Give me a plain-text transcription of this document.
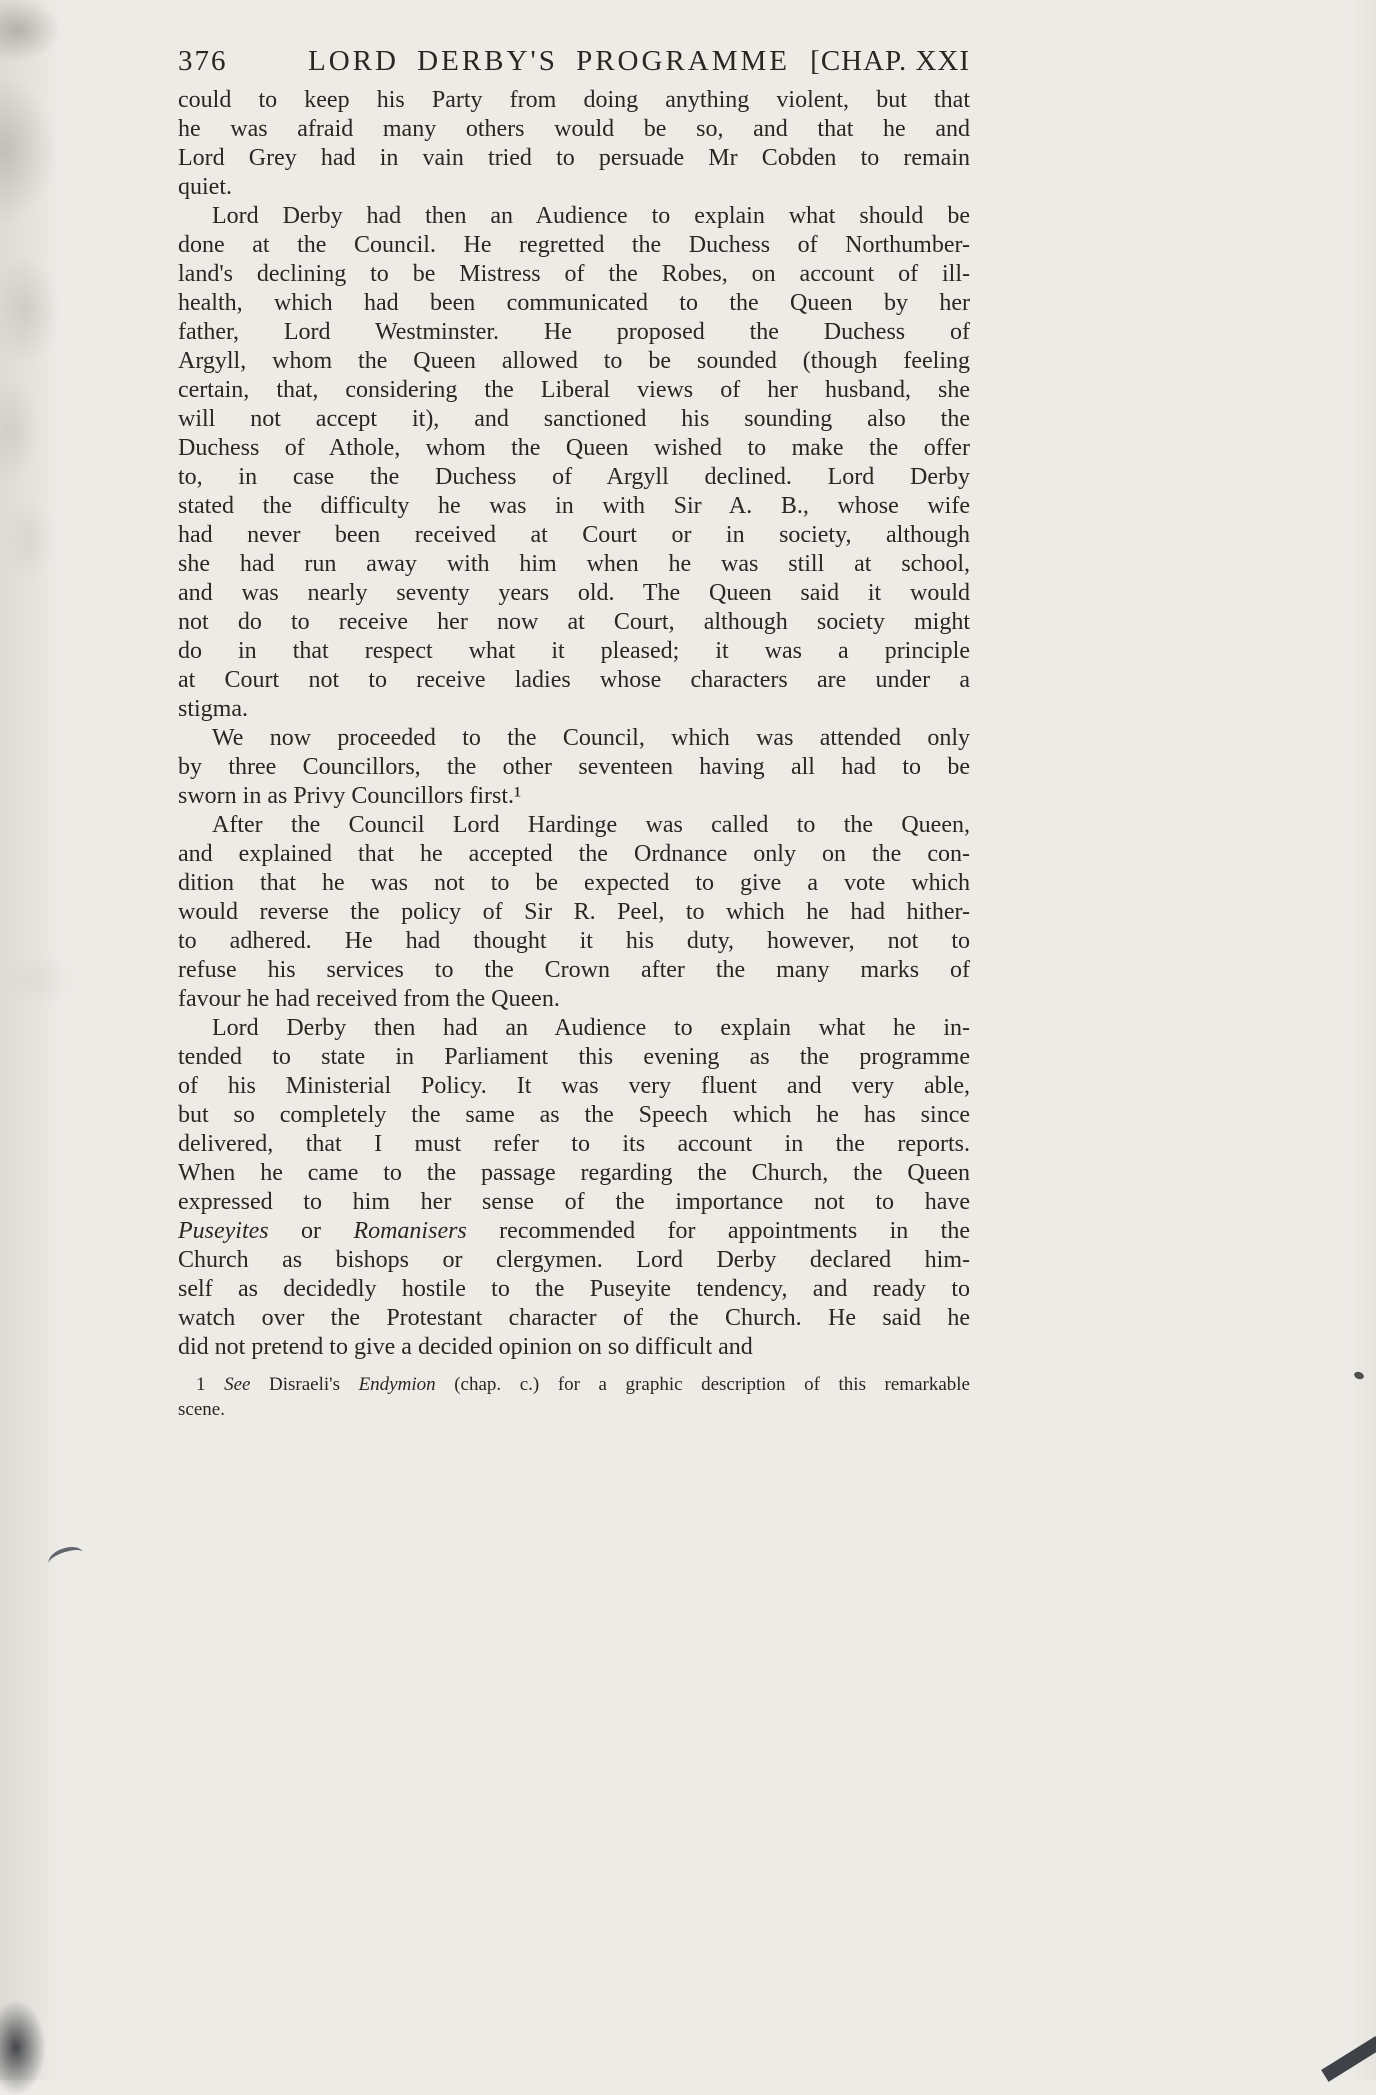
376	LORD DERBY'S PROGRAMME [CHAP. XXI
could to keep his Party from doing anything violent, but that
he was afraid many others would be so, and that he and
Lord Grey had in vain tried to persuade Mr Cobden to remain
quiet.
Lord Derby had then an Audience to explain what should be
done at the Council. He regretted the Duchess of Northumber-
land's declining to be Mistress of the Robes, on account of ill-
health, which had been communicated to the Queen by her
father, Lord Westminster. He proposed the Duchess of
Argyll, whom the Queen allowed to be sounded (though feeling
certain, that, considering the Liberal views of her husband, she
will not accept it), and sanctioned his sounding also the
Duchess of Athole, whom the Queen wished to make the offer
to, in case the Duchess of Argyll declined. Lord Derby
stated the difficulty he was in with Sir A. B., whose wife
had never been received at Court or in society, although
she had run away with him when he was still at school,
and was nearly seventy years old. The Queen said it would
not do to receive her now at Court, although society might
do in that respect what it pleased; it was a principle
at Court not to receive ladies whose characters are under a
stigma.
We now proceeded to the Council, which was attended only
by three Councillors, the other seventeen having all had to be
sworn in as Privy Councillors first.¹
After the Council Lord Hardinge was called to the Queen,
and explained that he accepted the Ordnance only on the con-
dition that he was not to be expected to give a vote which
would reverse the policy of Sir R. Peel, to which he had hither-
to adhered. He had thought it his duty, however, not to
refuse his services to the Crown after the many marks of
favour he had received from the Queen.
Lord Derby then had an Audience to explain what he in-
tended to state in Parliament this evening as the programme
of his Ministerial Policy. It was very fluent and very able,
but so completely the same as the Speech which he has since
delivered, that I must refer to its account in the reports.
When he came to the passage regarding the Church, the Queen
expressed to him her sense of the importance not to have
Puseyites or Romanisers recommended for appointments in the
Church as bishops or clergymen. Lord Derby declared him-
self as decidedly hostile to the Puseyite tendency, and ready to
watch over the Protestant character of the Church. He said he
did not pretend to give a decided opinion on so difficult and
1 See Disraeli's Endymion (chap. c.) for a graphic description of this remarkable
scene.
